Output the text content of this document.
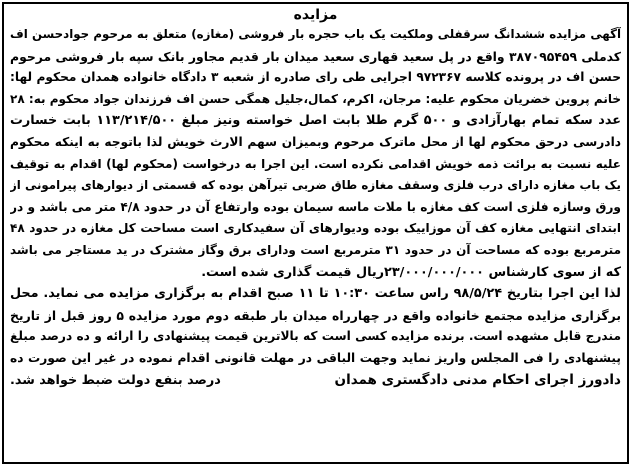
مزایده
آگهی مزایده ششدانگ سرقفلی وملکیت یک باب حجره بار فروشی (مغازه) متعلق به مرحوم جوادحسن اف
کدملی ۳۸۷۰۹۵۴۵۹ واقع در پل سعید قهاری سعید میدان بار قدیم مجاور بانک سپه بار فروشی مرحوم
حسن اف در پرونده کلاسه ۹۷۲۳۶۷ اجرایی طی رای صادره از شعبه ۳ دادگاه خانواده همدان محکوم لها:
خانم پروین خضریان محکوم علیه: مرجان، اکرم، کمال،جلیل همگی حسن اف فرزندان جواد محکوم به: ۲۸
عدد سکه تمام بهارآزادی و ۵۰۰ گرم طلا بابت اصل خواسته ونیز مبلغ ۱۱۳/۲۱۴/۵۰۰ بابت خسارت
دادرسی درحق محکوم لها از محل ماترک مرحوم وبمیزان سهم الارث خویش لذا باتوجه به اینکه محکوم
علیه نسبت به برائت ذمه خویش اقدامی نکرده است. این اجرا به درخواست (محکوم لها) اقدام به توقیف
یک باب مغازه دارای درب فلزی وسقف مغازه طاق ضربی تیرآهن بوده که قسمتی از دیوارهای پیرامونی از
ورق وسازه فلزی است کف مغازه با ملات ماسه سیمان بوده وارتفاع آن در حدود ۴/۸ متر می باشد و در
ابتدای انتهایی مغازه کف آن موزاییک بوده ودیوارهای آن سفیدکاری است مساحت کل مغازه در حدود ۴۸
مترمربع بوده که مساحت آن در حدود ۳۱ مترمربع است ودارای برق وگاز مشترک در ید مستاجر می باشد
که از سوی کارشناس ۲۳/۰۰۰/۰۰۰/۰۰۰ریال قیمت گذاری شده است.
لذا این اجرا بتاریخ ۹۸/۵/۲۴ راس ساعت ۱۰:۳۰ تا ۱۱ صبح اقدام به برگزاری مزایده می نماید. محل
برگزاری مزایده مجتمع خانواده واقع در چهارراه میدان بار طبقه دوم مورد مزایده ۵ روز قبل از تاریخ
مندرج قابل مشهده است. برنده مزایده کسی است که بالاترین قیمت پیشنهادی را ارائه و ده درصد مبلغ
پیشنهادی را فی المجلس واریز نماید وجهت الباقی در مهلت قانونی اقدام نموده در غیر این صورت ده
درصد بنفع دولت ضبط خواهد شد.	دادورز اجرای احکام مدنی دادگستری همدان
